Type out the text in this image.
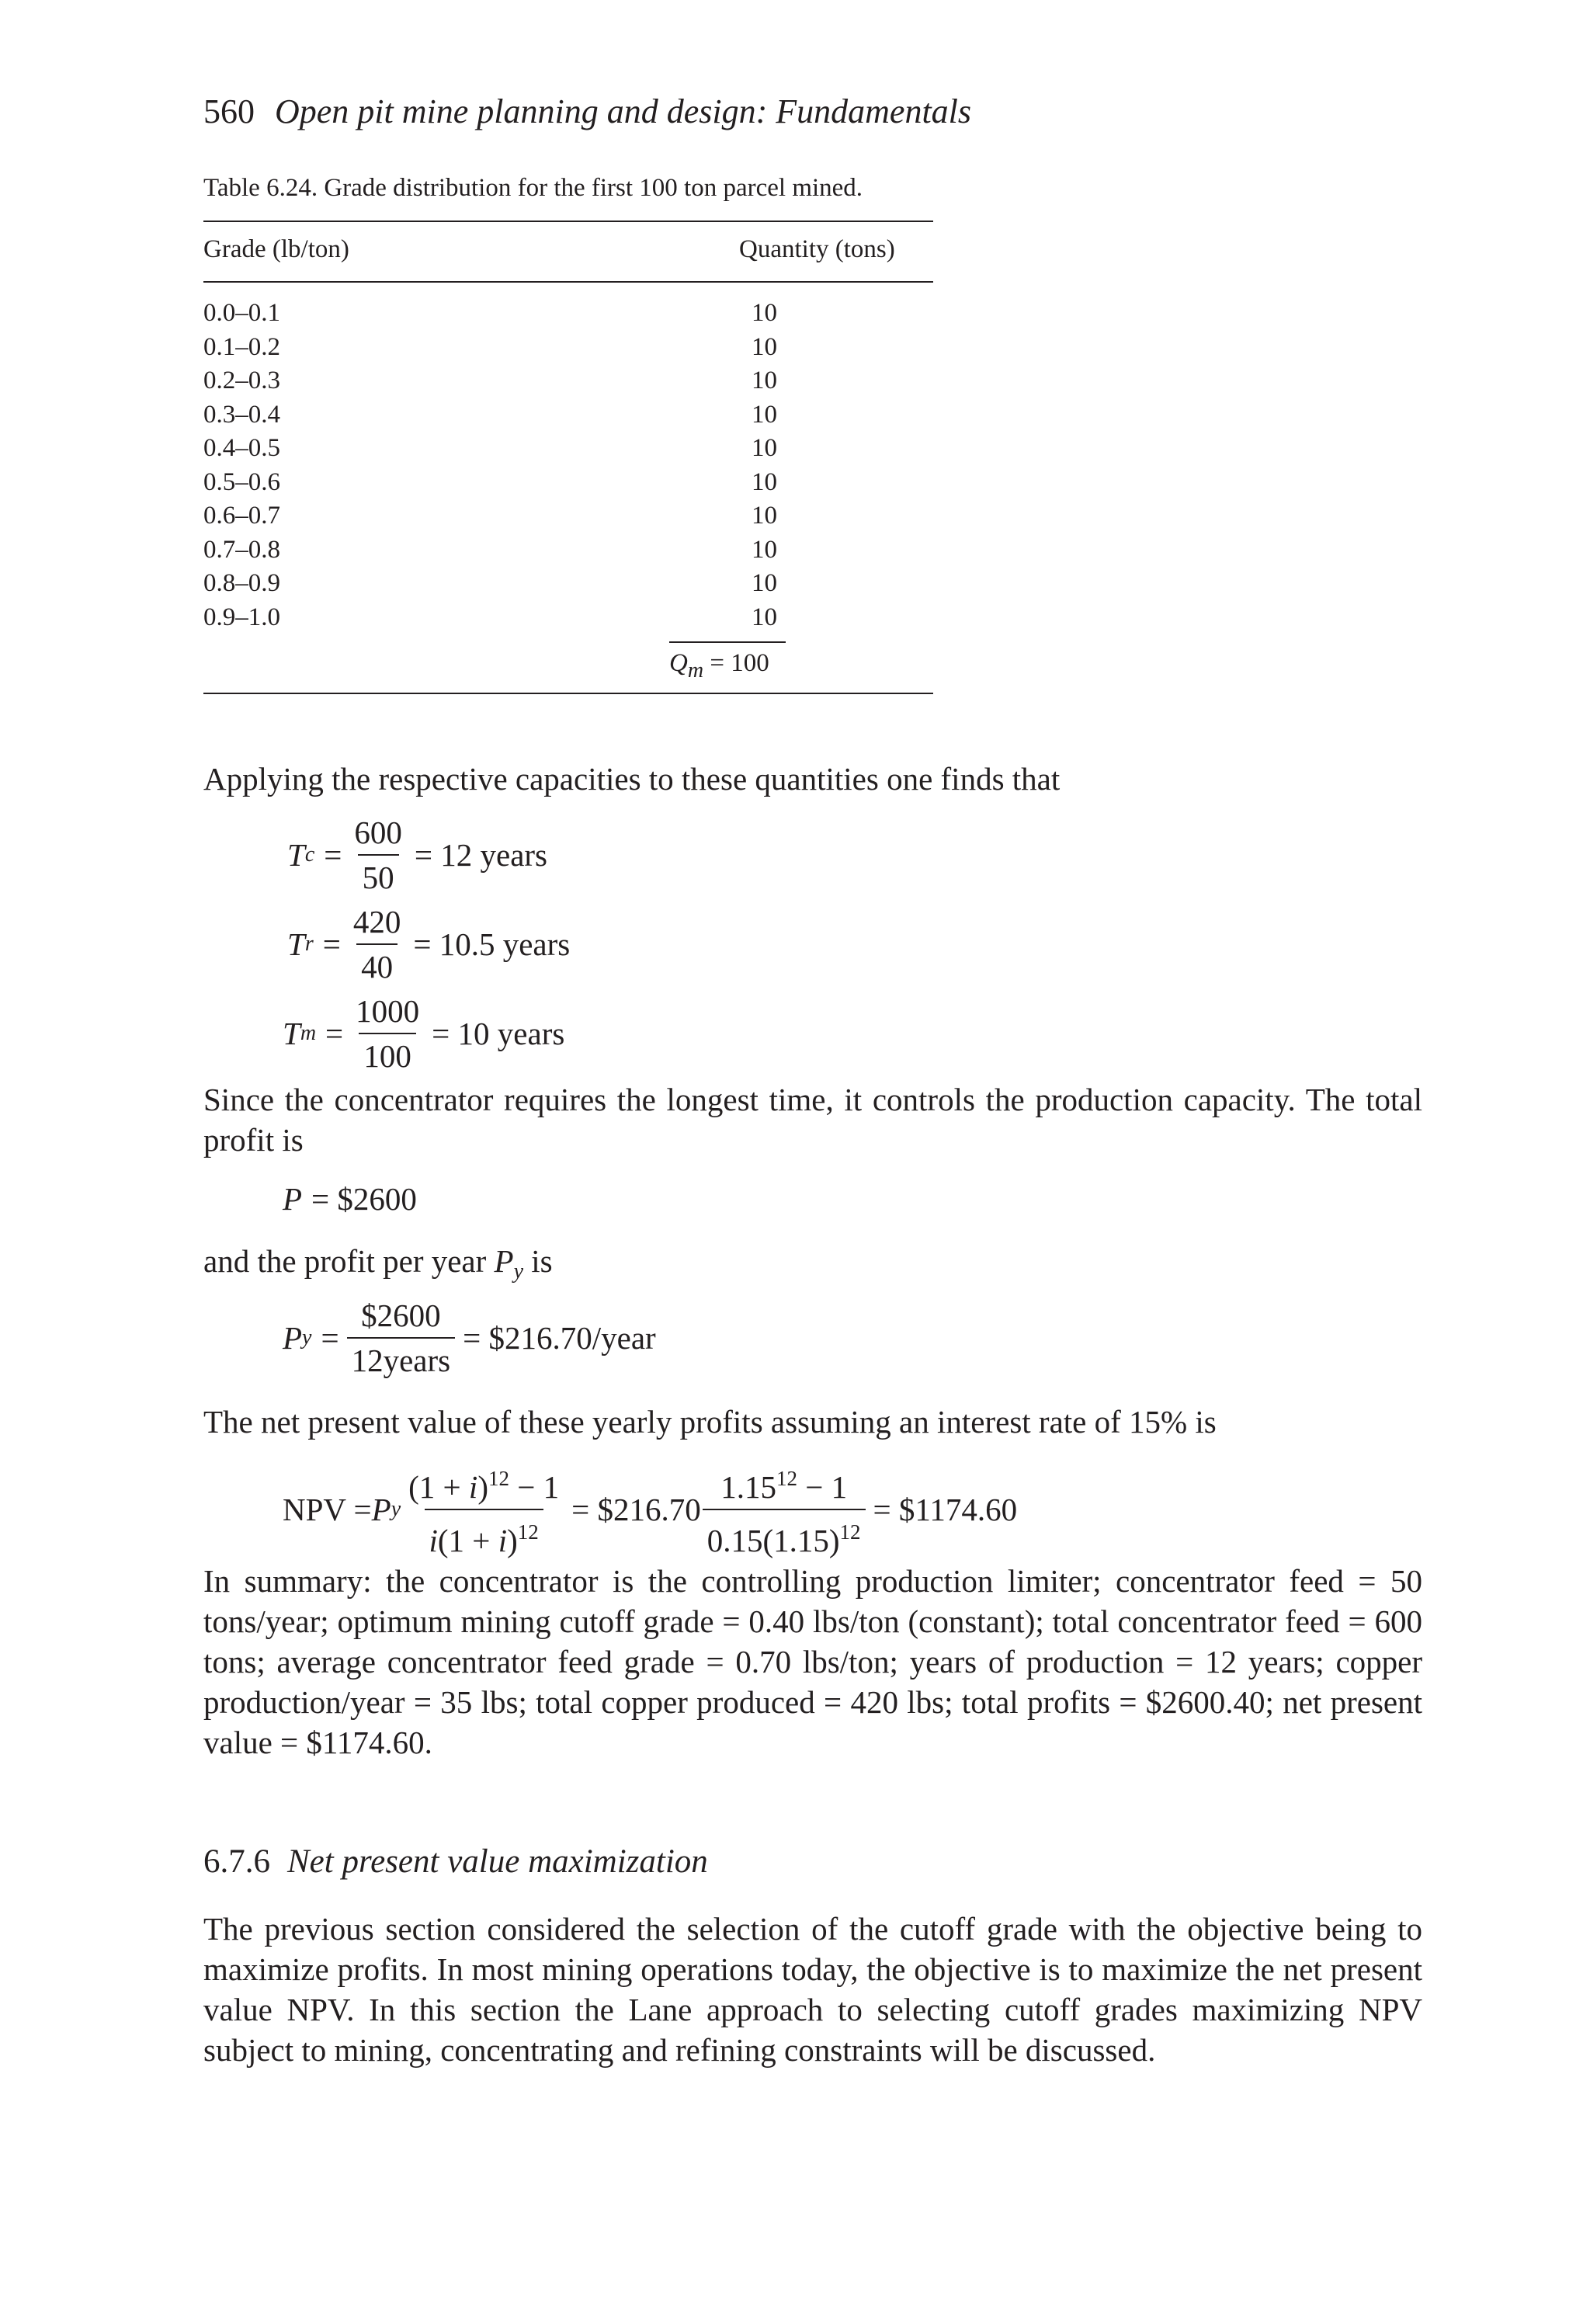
560 Open pit mine planning and design: Fundamentals
Table 6.24. Grade distribution for the first 100 ton parcel mined.
Grade (lb/ton)	Quantity (tons)
0.0–0.1	10
0.1–0.2	10
0.2–0.3	10
0.3–0.4	10
0.4–0.5	10
0.5–0.6	10
0.6–0.7	10
0.7–0.8	10
0.8–0.9	10
0.9–1.0	10
$Q_m = 100$
Applying the respective capacities to these quantities one finds that
T $c = \frac{600}{50} = 12$ years
T $r = \frac{420}{40} = 10.5$ years
T $m = \frac{1000}{100} = 10$ years
Since the concentrator requires the longest time, it controls the production capacity. The total profit is
P = $2600
and the profit per year $P_y$ is
P $y = \frac{\$2600}{\text{12years}}$ = $216.70/year
The net present value of these yearly profits assuming an interest rate of 15% is
NPV = P y $\frac{(1 + i)^{12} - 1}{i(1 + i)^{12}}$ = $216.70 $\frac{1.15^{12} - 1}{0.15(1.15)^{12}}$ = $1174.60
In summary: the concentrator is the controlling production limiter; concentrator feed = 50 tons/year; optimum mining cutoff grade = 0.40 lbs/ton (constant); total concentrator feed = 600 tons; average concentrator feed grade = 0.70 lbs/ton; years of production = 12 years; copper production/year = 35 lbs; total copper produced = 420 lbs; total profits = $2600.40; net present value = $1174.60.
6.7.6 Net present value maximization
The previous section considered the selection of the cutoff grade with the objective being to maximize profits. In most mining operations today, the objective is to maximize the net present value NPV. In this section the Lane approach to selecting cutoff grades maximizing NPV subject to mining, concentrating and refining constraints will be discussed.
